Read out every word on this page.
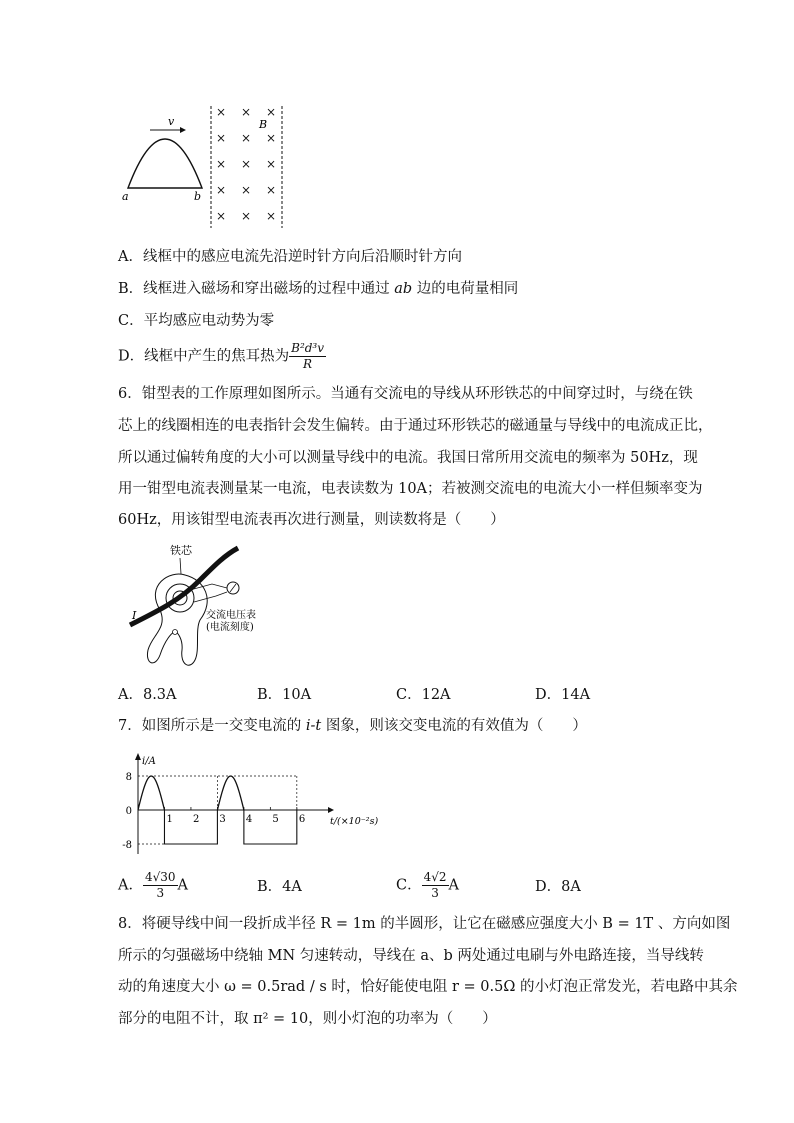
v
a	b
B
× × ×
× × ×
× × ×
× × ×
× × ×
A．线框中的感应电流先沿逆时针方向后沿顺时针方向
B．线框进入磁场和穿出磁场的过程中通过 ab 边的电荷量相同
C．平均感应电动势为零
D．线框中产生的焦耳热为 $\frac{\text{B²d³v}}{R}$
6．钳型表的工作原理如图所示。当通有交流电的导线从环形铁芯的中间穿过时，与绕在铁
芯上的线圈相连的电表指针会发生偏转。由于通过环形铁芯的磁通量与导线中的电流成正比，
所以通过偏转角度的大小可以测量导线中的电流。我国日常所用交流电的频率为 50Hz，现
用一钳型电流表测量某一电流，电表读数为 10A；若被测交流电的电流大小一样但频率变为
60Hz，用该钳型电流表再次进行测量，则读数将是（　　）
铁芯
I	交流电压表
(电流刻度)
A．8.3A	B．10A	C．12A	D．14A
7．如图所示是一交变电流的 i-t 图象，则该交变电流的有效值为（　　）
i/A
t/(×10⁻²s)
8
0
-8
1 2 3 4 5 6
A． $\frac{4√30}{3}$ A	B．4A	C． $\frac{4√2}{3}$ A	D．8A
8．将硬导线中间一段折成半径 R = 1m 的半圆形，让它在磁感应强度大小 B = 1T 、方向如图
所示的匀强磁场中绕轴 MN 匀速转动，导线在 a、b 两处通过电刷与外电路连接，当导线转
动的角速度大小 ω = 0.5rad / s 时，恰好能使电阻 r = 0.5Ω 的小灯泡正常发光，若电路中其余
部分的电阻不计，取 π² = 10，则小灯泡的功率为（　　）
